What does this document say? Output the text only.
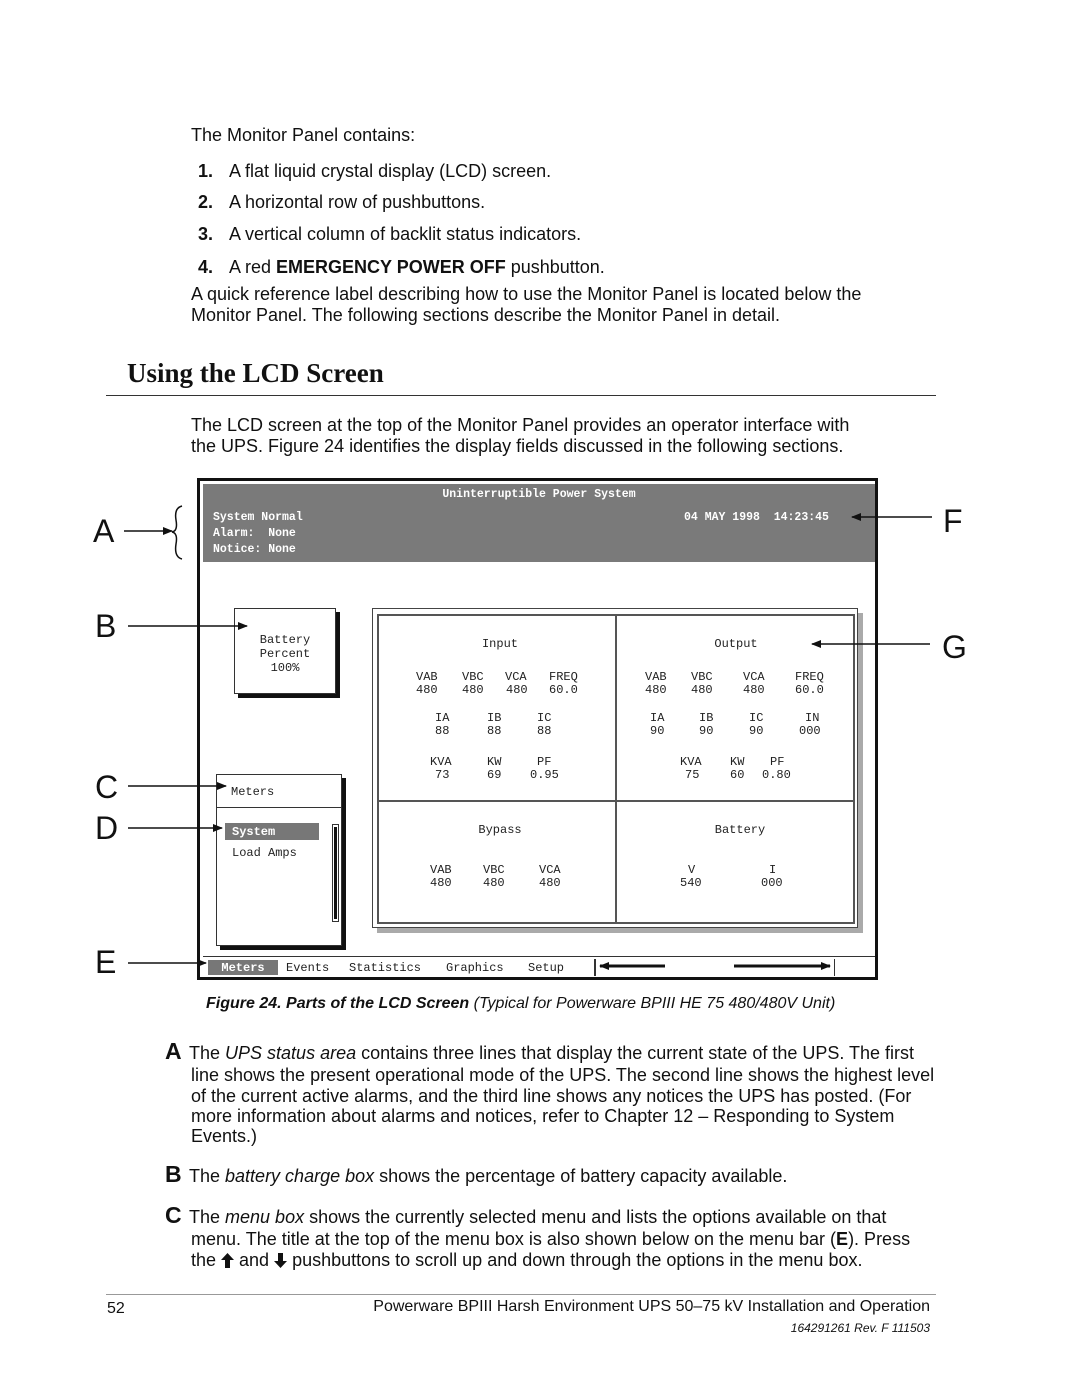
The Monitor Panel contains:
1. A flat liquid crystal display (LCD) screen.
2. A horizontal row of pushbuttons.
3. A vertical column of backlit status indicators.
4. A red EMERGENCY POWER OFF pushbutton.
A quick reference label describing how to use the Monitor Panel is located below the
Monitor Panel. The following sections describe the Monitor Panel in detail.
Using the LCD Screen
The LCD screen at the top of the Monitor Panel provides an operator interface with
the UPS. Figure 24 identifies the display fields discussed in the following sections.
Uninterruptible Power System
System Normal	04 MAY 1998  14:23:45
Alarm:  None
Notice: None
Battery
Percent
100%
Meters
System
Load Amps
Input
VAB VBC VCA FREQ
480 480 480 60.0
IA	IB	IC
88	88	88
KVA	KW	PF
73	69 0.95
Output
VAB VBC	VCA	FREQ
480 480	480	60.0
IA	IB	IC	IN
90	90	90	000
KVA KW PF
75	60 0.80
Bypass
VAB	VBC	VCA
480	480	480
Battery
V	I
540	000
Meters	Events Statistics Graphics Setup
A
B
C
D
E
F
G
Figure 24. Parts of the LCD Screen (Typical for Powerware BPIII HE 75 480/480V Unit)
A The UPS status area contains three lines that display the current state of the UPS. The first
line shows the present operational mode of the UPS. The second line shows the highest level
of the current active alarms, and the third line shows any notices the UPS has posted. (For
more information about alarms and notices, refer to Chapter 12 – Responding to System
Events.)
B The battery charge box shows the percentage of battery capacity available.
C The menu box shows the currently selected menu and lists the options available on that
menu. The title at the top of the menu box is also shown below on the menu bar (E). Press
the  and  pushbuttons to scroll up and down through the options in the menu box.
52	Powerware BPIII Harsh Environment UPS 50–75 kV Installation and Operation
164291261 Rev. F 111503
